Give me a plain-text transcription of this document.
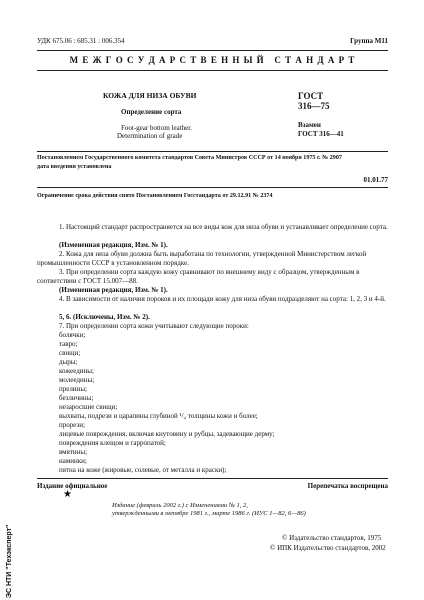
УДК 675.06 : 685.31 : 006.354	Группа М11
М Е Ж Г О С У Д А Р С Т В Е Н Н Ы Й   С Т А Н Д А Р Т
КОЖА ДЛЯ НИЗА ОБУВИ
Определение сорта
Foot-gear bottom leather.
Determination of grade
ГОСТ
316—75
Взамен
ГОСТ 316—41
Постановлением Государственного комитета стандартов Совета Министров СССР от 14 ноября 1975 г. № 2907
дата введения установлена
01.01.77
Ограничение срока действия снято Постановлением Госстандарта от 29.12.91 № 2374
1. Настоящий стандарт распространяется на все виды кож для низа обуви и устанавливает определение сорта.
(Измененная редакция, Изм. № 1).
2. Кожа для низа обуви должна быть выработана по технологии, утвержденной Министерством легкой промышленности СССР в установленном порядке.
3. При определении сорта каждую кожу сравнивают по внешнему виду с образцом, утвержденным в соответствии с ГОСТ 15.007—88.
(Измененная редакция, Изм. № 1).
4. В зависимости от наличия пороков и их площади кожу для низа обуви подразделяют на сорта: 1, 2, 3 и 4-й.
5, 6. (Исключены, Изм. № 2).
7. При определении сорта кожи учитывают следующие пороки:
болячки;
тавро;
свищи;
дыры;
кожеедины;
молеедины;
прелины;
безличины;
незаросшие свищи;
выхваты, подрези и царапины глубиной ¹/₄ толщины кожи и более;
прорези;
лицевые повреждения, включая кнутовину и рубцы, задевающие дерму;
повреждения клещом и гарропатой;
вмятины;
наминки;
пятна на коже (жировые, солевые, от металла и краски);
Издание официальное
★
Перепечатка воспрещена
Издание (февраль 2002 г.) с Изменениями № 1, 2,
утвержденными в октябре 1981 г., марте 1986 г. (ИУС 1—82, 6—86)
© Издательство стандартов, 1975
© ИПК Издательство стандартов, 2002
ЭС НТИ "Техэксперт"
